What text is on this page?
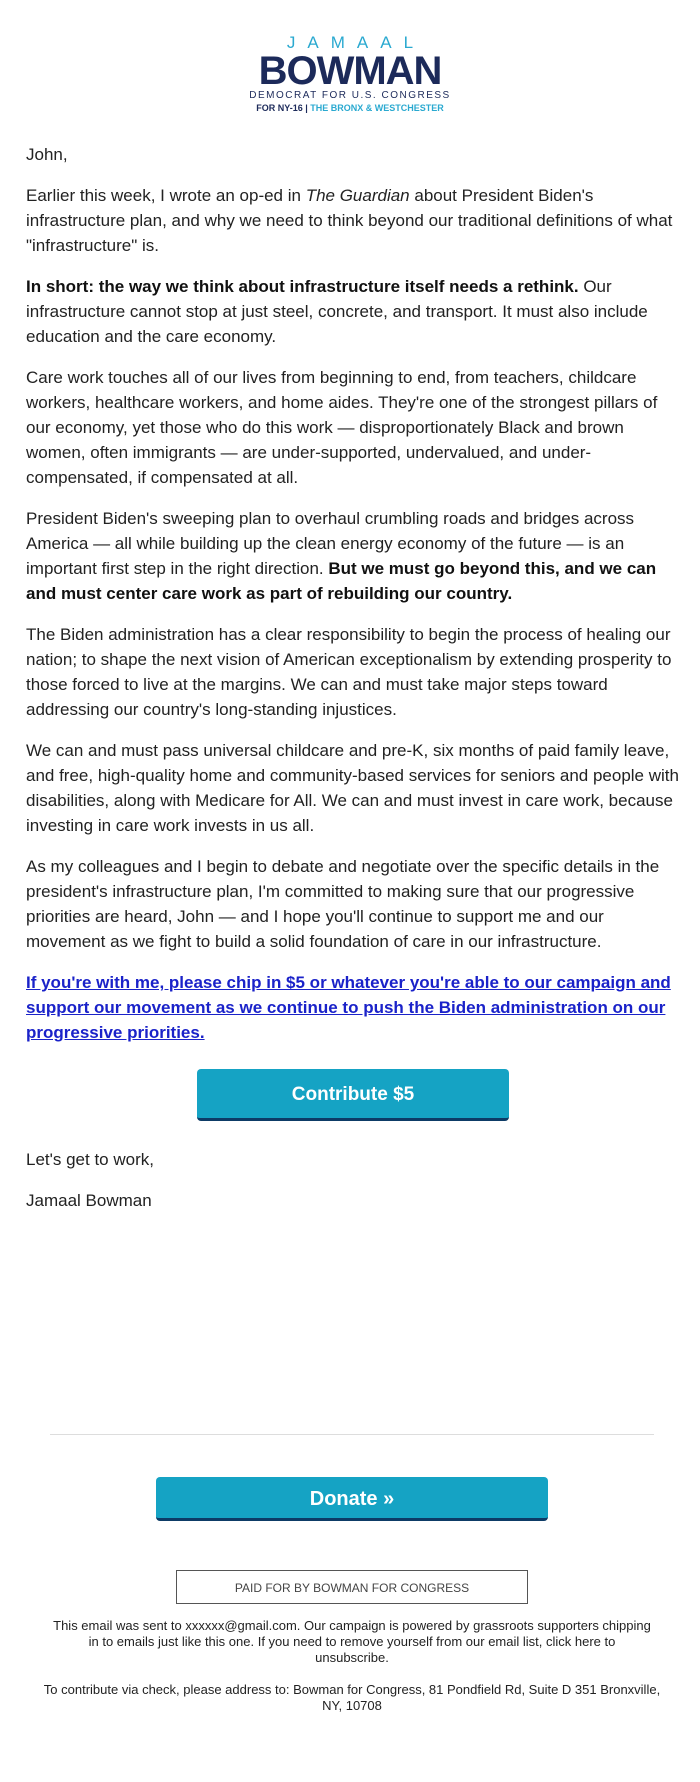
JAMAAL
BOWMAN
DEMOCRAT FOR U.S. CONGRESS
FOR NY-16 | THE BRONX & WESTCHESTER

John,

Earlier this week, I wrote an op-ed in The Guardian about President Biden's infrastructure plan, and why we need to think beyond our traditional definitions of what "infrastructure" is.

In short: the way we think about infrastructure itself needs a rethink. Our infrastructure cannot stop at just steel, concrete, and transport. It must also include education and the care economy.

Care work touches all of our lives from beginning to end, from teachers, childcare workers, healthcare workers, and home aides. They're one of the strongest pillars of our economy, yet those who do this work — disproportionately Black and brown women, often immigrants — are under-supported, undervalued, and under-compensated, if compensated at all.

President Biden's sweeping plan to overhaul crumbling roads and bridges across America — all while building up the clean energy economy of the future — is an important first step in the right direction. But we must go beyond this, and we can and must center care work as part of rebuilding our country.

The Biden administration has a clear responsibility to begin the process of healing our nation; to shape the next vision of American exceptionalism by extending prosperity to those forced to live at the margins. We can and must take major steps toward addressing our country's long-standing injustices.

We can and must pass universal childcare and pre-K, six months of paid family leave, and free, high-quality home and community-based services for seniors and people with disabilities, along with Medicare for All. We can and must invest in care work, because investing in care work invests in us all.

As my colleagues and I begin to debate and negotiate over the specific details in the president's infrastructure plan, I'm committed to making sure that our progressive priorities are heard, John — and I hope you'll continue to support me and our movement as we fight to build a solid foundation of care in our infrastructure.

If you're with me, please chip in $5 or whatever you're able to our campaign and support our movement as we continue to push the Biden administration on our progressive priorities.

Contribute $5

Let's get to work,

Jamaal Bowman

Donate »
PAID FOR BY BOWMAN FOR CONGRESS
This email was sent to xxxxxx@gmail.com. Our campaign is powered by grassroots supporters chipping in to emails just like this one. If you need to remove yourself from our email list, click here to unsubscribe.
To contribute via check, please address to: Bowman for Congress, 81 Pondfield Rd, Suite D 351 Bronxville, NY, 10708
